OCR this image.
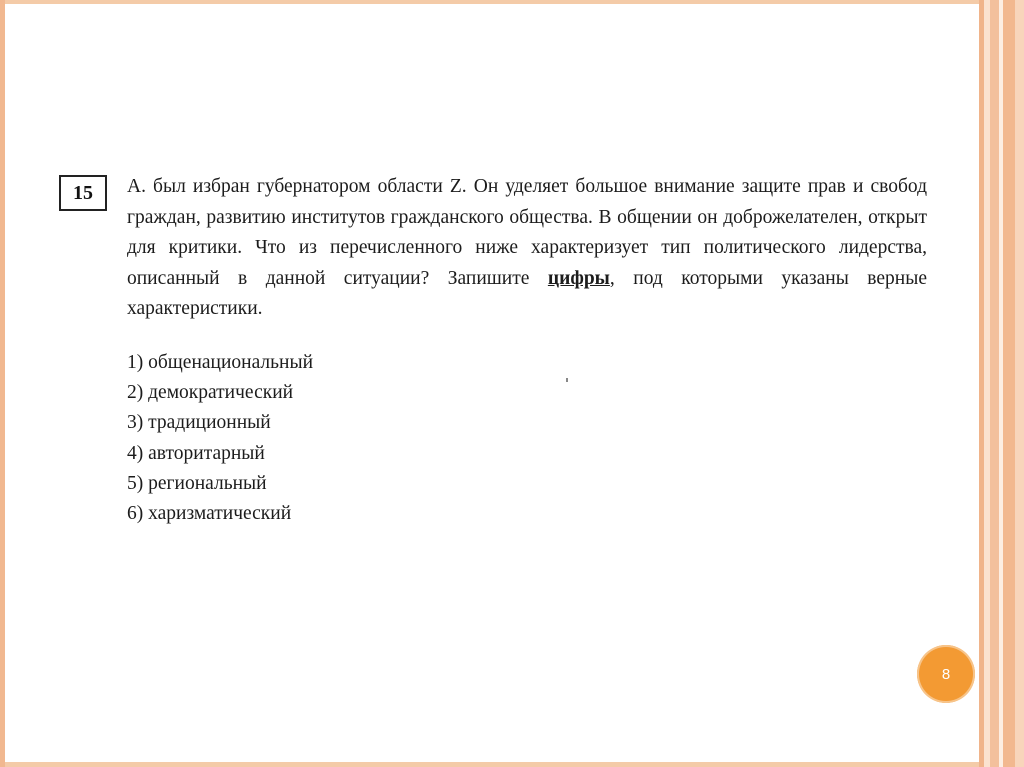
15 А. был избран губернатором области Z. Он уделяет большое внимание защите прав и свобод граждан, развитию институтов гражданского общества. В общении он доброжелателен, открыт для критики. Что из перечисленного ниже характеризует тип политического лидерства, описанный в данной ситуации? Запишите цифры, под которыми указаны верные характеристики.
1) общенациональный
2) демократический
3) традиционный
4) авторитарный
5) региональный
6) харизматический
8
